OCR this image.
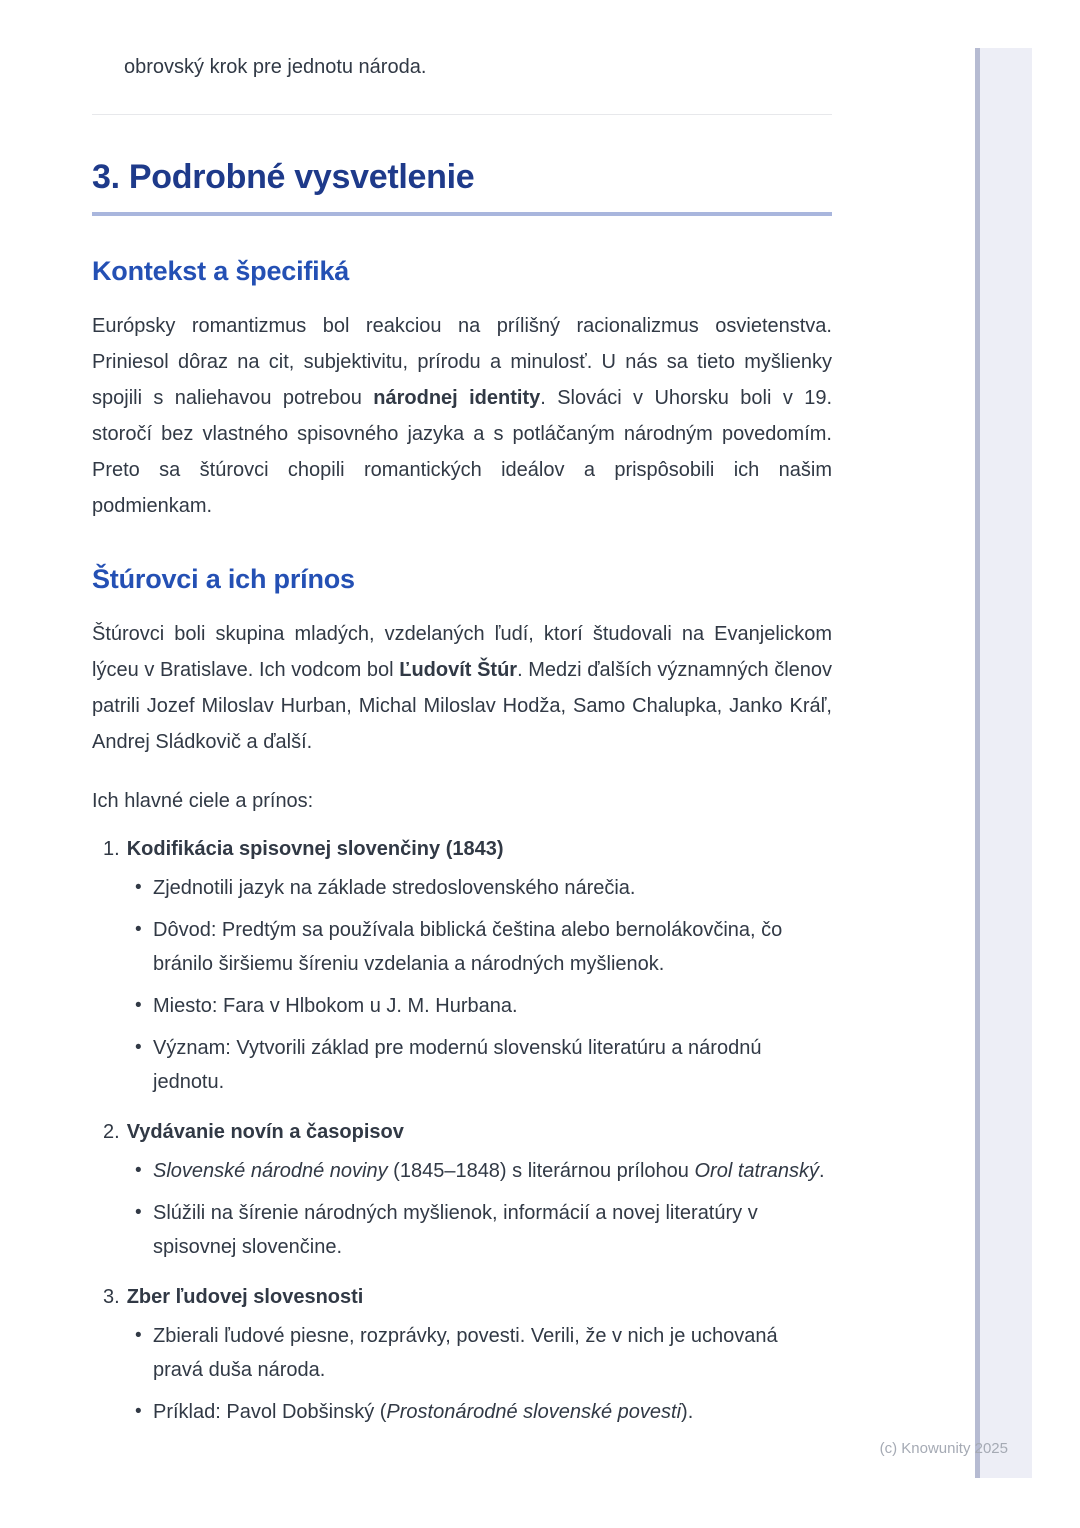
obrovský krok pre jednotu národa.

3. Podrobné vysvetlenie
Kontekst a špecifiká

Európsky romantizmus bol reakciou na prílišný racionalizmus osvietenstva. Priniesol dôraz na cit, subjektivitu, prírodu a minulosť. U nás sa tieto myšlienky spojili s naliehavou potrebou národnej identity. Slováci v Uhorsku boli v 19. storočí bez vlastného spisovného jazyka a s potláčaným národným povedomím. Preto sa štúrovci chopili romantických ideálov a prispôsobili ich našim podmienkam.

Štúrovci a ich prínos

Štúrovci boli skupina mladých, vzdelaných ľudí, ktorí študovali na Evanjelickom lýceu v Bratislave. Ich vodcom bol Ľudovít Štúr. Medzi ďalších významných členov patrili Jozef Miloslav Hurban, Michal Miloslav Hodža, Samo Chalupka, Janko Kráľ, Andrej Sládkovič a ďalší.

Ich hlavné ciele a prínos:

1. Kodifikácia spisovnej slovenčiny (1843)
• Zjednotili jazyk na základe stredoslovenského nárečia.
• Dôvod: Predtým sa používala biblická čeština alebo bernolákovčina, čo bránilo širšiemu šíreniu vzdelania a národných myšlienok.
• Miesto: Fara v Hlbokom u J. M. Hurbana.
• Význam: Vytvorili základ pre modernú slovenskú literatúru a národnú jednotu.
2. Vydávanie novín a časopisov
• Slovenské národné noviny (1845–1848) s literárnou prílohou Orol tatranský.
• Slúžili na šírenie národných myšlienok, informácií a novej literatúry v spisovnej slovenčine.
3. Zber ľudovej slovesnosti
• Zbierali ľudové piesne, rozprávky, povesti. Verili, že v nich je uchovaná pravá duša národa.
• Príklad: Pavol Dobšinský (Prostonárodné slovenské povesti).
(c) Knowunity 2025
